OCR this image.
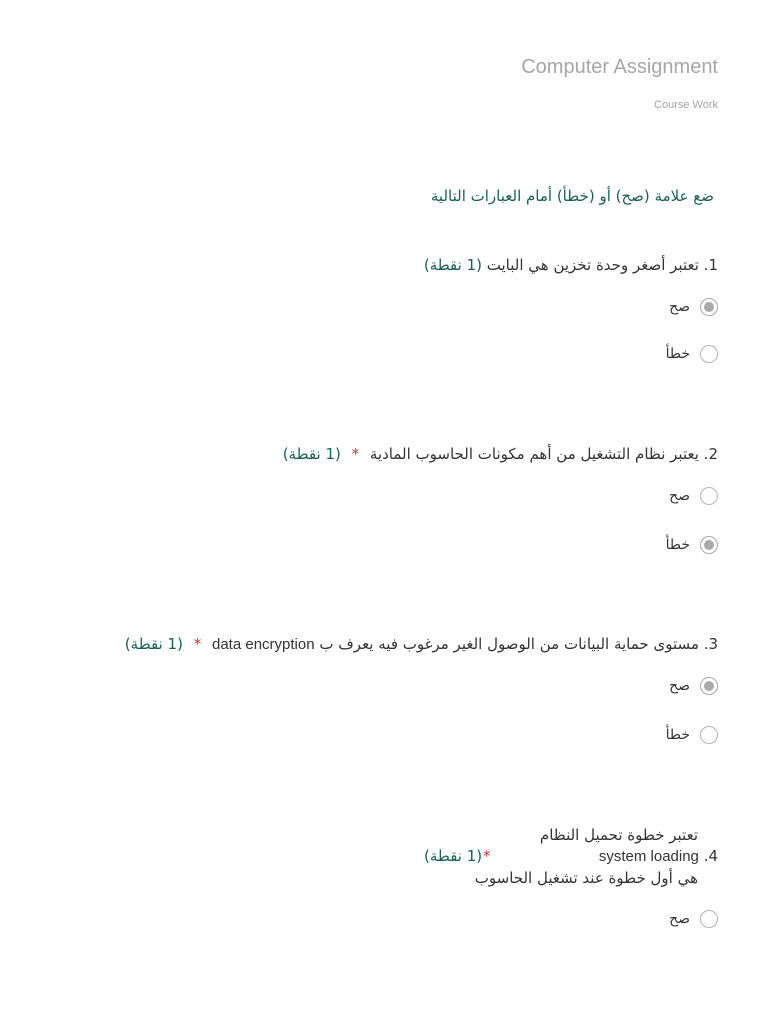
Computer Assignment
Course Work
ضع علامة (صح) أو (خطأ) أمام العبارات التالية
1. تعتبر أصغر وحدة تخزين هي البايت (1 نقطة)
صح
خطأ
2. يعتبر نظام التشغيل من أهم مكونات الحاسوب المادية * (1 نقطة)
صح
خطأ
3. مستوى حماية البيانات من الوصول الغير مرغوب فيه يعرف ب data encryption * (1 نقطة)
صح
خطأ
تعتبر خطوة تحميل النظام
system loading .4
هي أول خطوة عند تشغيل الحاسوب
*
(1 نقطة)
صح
